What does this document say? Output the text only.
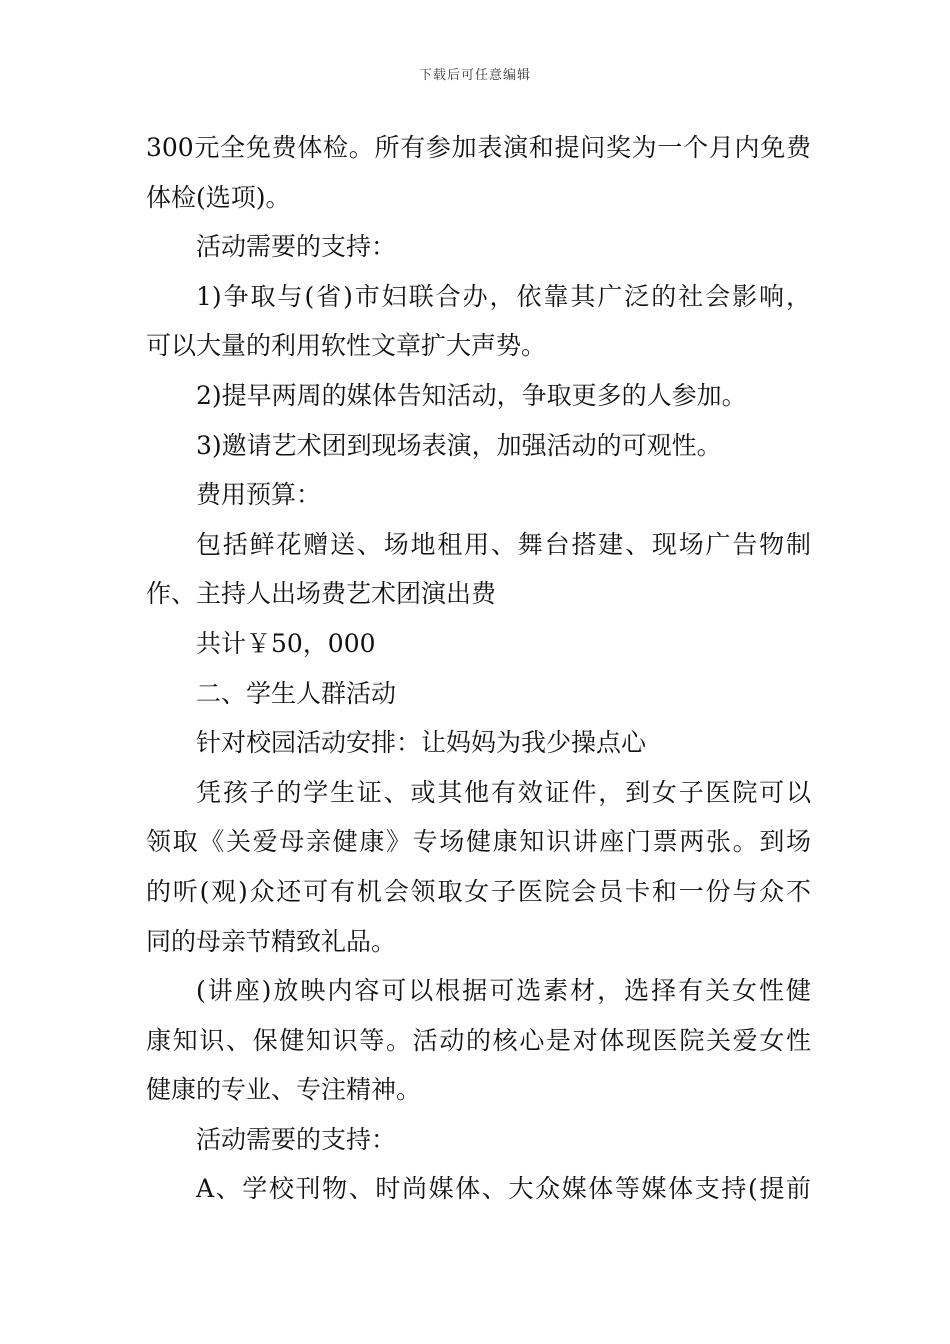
下载后可任意编辑
300元全免费体检。所有参加表演和提问奖为一个月内免费
体检(选项)。
活动需要的支持：
1)争取与(省)市妇联合办，依靠其广泛的社会影响，
可以大量的利用软性文章扩大声势。
2)提早两周的媒体告知活动，争取更多的人参加。
3)邀请艺术团到现场表演，加强活动的可观性。
费用预算：
包括鲜花赠送、场地租用、舞台搭建、现场广告物制
作、主持人出场费艺术团演出费
共计￥50，000
二、学生人群活动
针对校园活动安排：让妈妈为我少操点心
凭孩子的学生证、或其他有效证件，到女子医院可以
领取《关爱母亲健康》专场健康知识讲座门票两张。到场
的听(观)众还可有机会领取女子医院会员卡和一份与众不
同的母亲节精致礼品。
(讲座)放映内容可以根据可选素材，选择有关女性健
康知识、保健知识等。活动的核心是对体现医院关爱女性
健康的专业、专注精神。
活动需要的支持：
A、学校刊物、时尚媒体、大众媒体等媒体支持(提前
